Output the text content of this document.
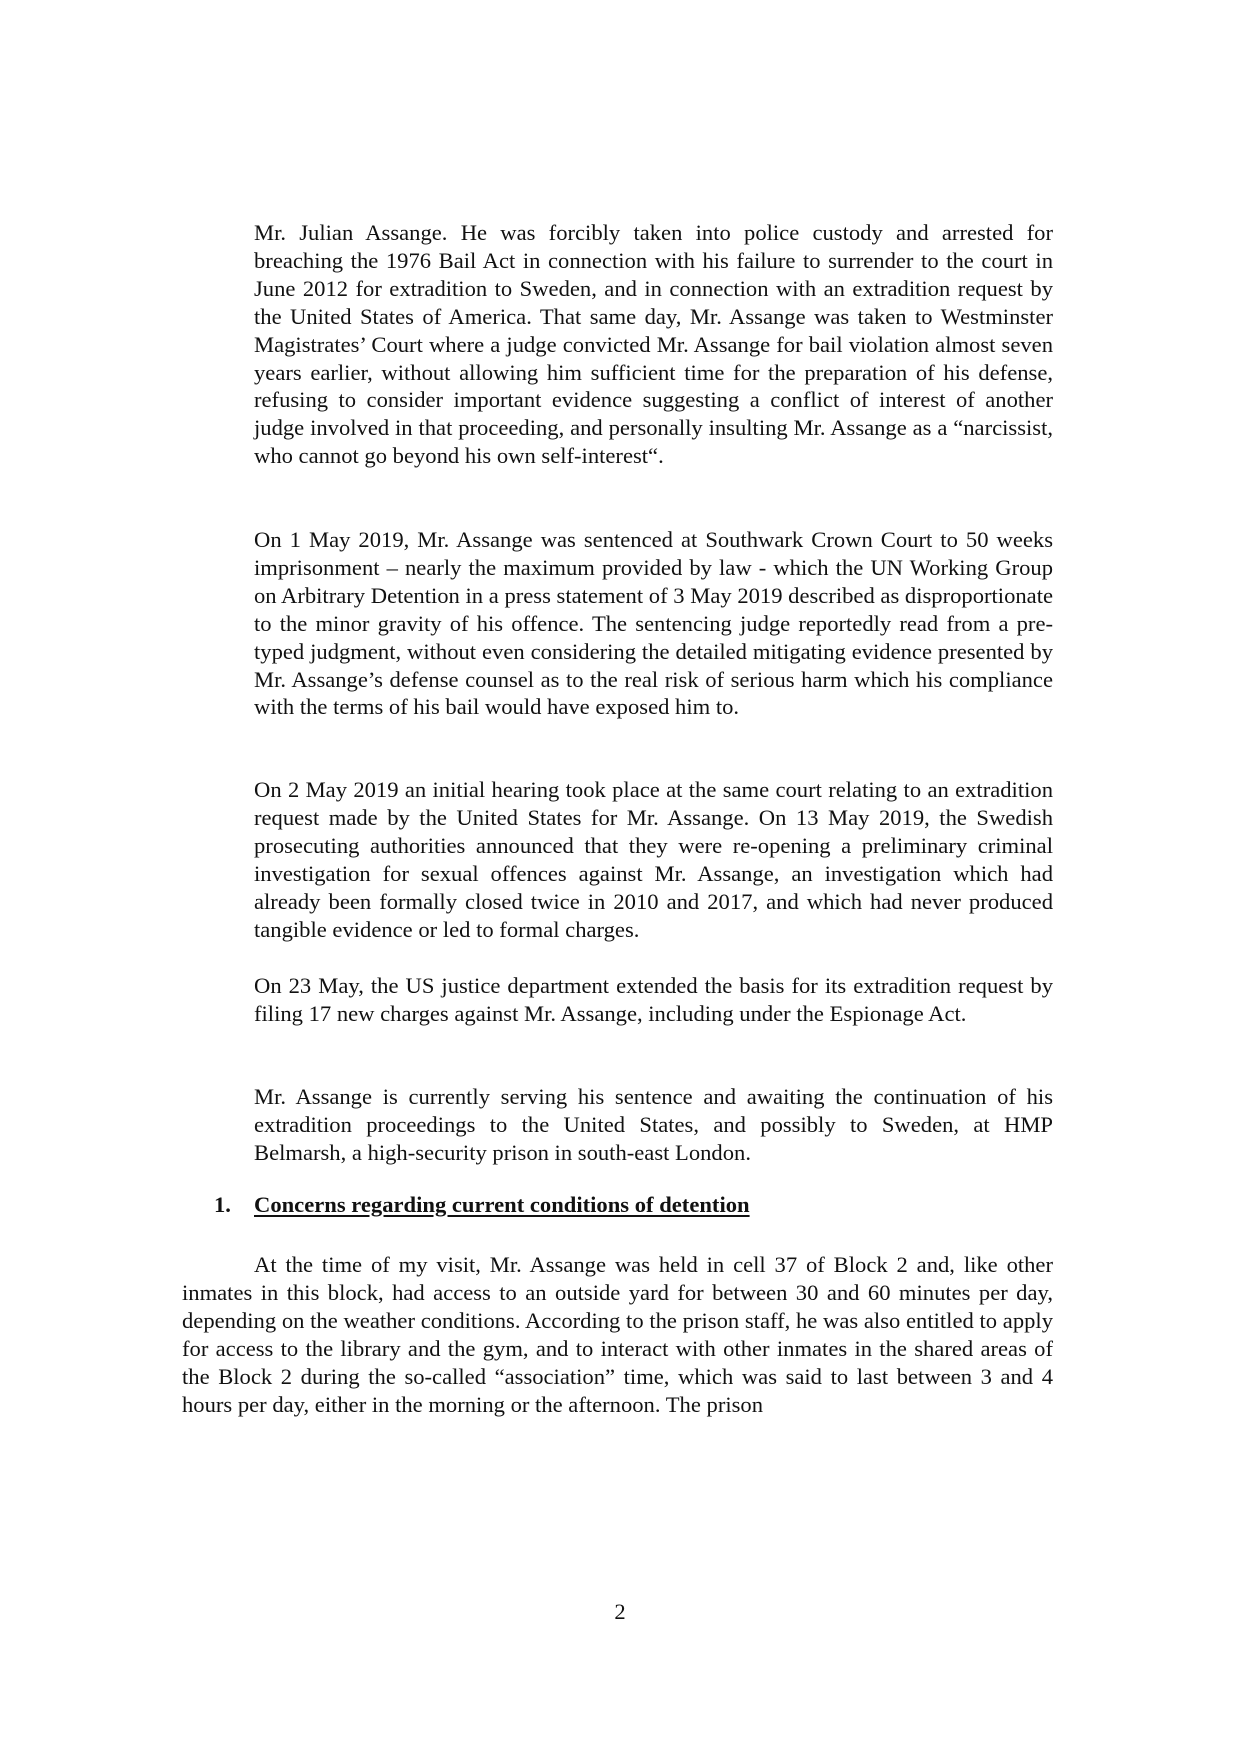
Mr. Julian Assange. He was forcibly taken into police custody and arrested for breaching the 1976 Bail Act in connection with his failure to surrender to the court in June 2012 for extradition to Sweden, and in connection with an extradition request by the United States of America. That same day, Mr. Assange was taken to Westminster Magistrates’ Court where a judge convicted Mr. Assange for bail violation almost seven years earlier, without allowing him sufficient time for the preparation of his defense, refusing to consider important evidence suggesting a conflict of interest of another judge involved in that proceeding, and personally insulting Mr. Assange as a “narcissist, who cannot go beyond his own self-interest“.

On 1 May 2019, Mr. Assange was sentenced at Southwark Crown Court to 50 weeks imprisonment – nearly the maximum provided by law - which the UN Working Group on Arbitrary Detention in a press statement of 3 May 2019 described as disproportionate to the minor gravity of his offence. The sentencing judge reportedly read from a pre-typed judgment, without even considering the detailed mitigating evidence presented by Mr. Assange’s defense counsel as to the real risk of serious harm which his compliance with the terms of his bail would have exposed him to.

On 2 May 2019 an initial hearing took place at the same court relating to an extradition request made by the United States for Mr. Assange. On 13 May 2019, the Swedish prosecuting authorities announced that they were re-opening a preliminary criminal investigation for sexual offences against Mr. Assange, an investigation which had already been formally closed twice in 2010 and 2017, and which had never produced tangible evidence or led to formal charges.

On 23 May, the US justice department extended the basis for its extradition request by filing 17 new charges against Mr. Assange, including under the Espionage Act.

Mr. Assange is currently serving his sentence and awaiting the continuation of his extradition proceedings to the United States, and possibly to Sweden, at HMP Belmarsh, a high-security prison in south-east London.

1. Concerns regarding current conditions of detention

At the time of my visit, Mr. Assange was held in cell 37 of Block 2 and, like other inmates in this block, had access to an outside yard for between 30 and 60 minutes per day, depending on the weather conditions. According to the prison staff, he was also entitled to apply for access to the library and the gym, and to interact with other inmates in the shared areas of the Block 2 during the so-called “association” time, which was said to last between 3 and 4 hours per day, either in the morning or the afternoon. The prison

2
